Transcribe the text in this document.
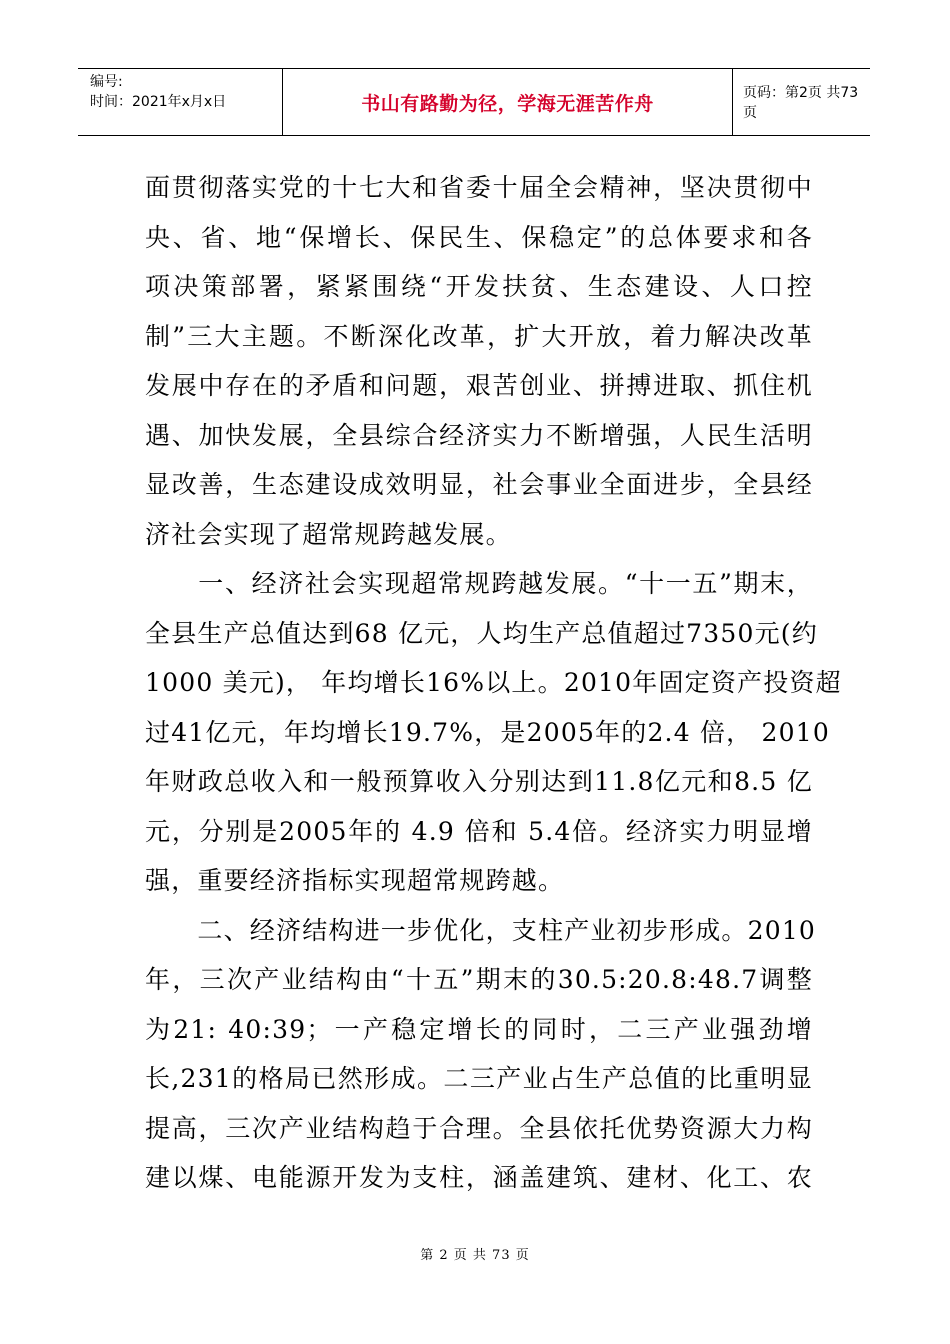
编号:
时间：2021年x月x日	书山有路勤为径，学海无涯苦作舟	页码：第2页 共73页
面贯彻落实党的十七大和省委十届全会精神，坚决贯彻中
央、省、地“保增长、保民生、保稳定”的总体要求和各
项决策部署，紧紧围绕“开发扶贫、生态建设、人口控
制”三大主题。不断深化改革，扩大开放，着力解决改革
发展中存在的矛盾和问题，艰苦创业、拼搏进取、抓住机
遇、加快发展，全县综合经济实力不断增强，人民生活明
显改善，生态建设成效明显，社会事业全面进步，全县经
济社会实现了超常规跨越发展。
　　一、经济社会实现超常规跨越发展。“十一五”期末，
全县生产总值达到68 亿元，人均生产总值超过7350元(约
1000 美元)， 年均增长16%以上。2010年固定资产投资超
过41亿元，年均增长19.7%，是2005年的2.4 倍， 2010
年财政总收入和一般预算收入分别达到11.8亿元和8.5 亿
元，分别是2005年的 4.9 倍和 5.4倍。经济实力明显增
强，重要经济指标实现超常规跨越。
　　二、经济结构进一步优化，支柱产业初步形成。2010
年，三次产业结构由“十五”期末的30.5:20.8:48.7调整
为21: 40:39；一产稳定增长的同时，二三产业强劲增
长,231的格局已然形成。二三产业占生产总值的比重明显
提高，三次产业结构趋于合理。全县依托优势资源大力构
建以煤、电能源开发为支柱，涵盖建筑、建材、化工、农
第 2 页 共 73 页
